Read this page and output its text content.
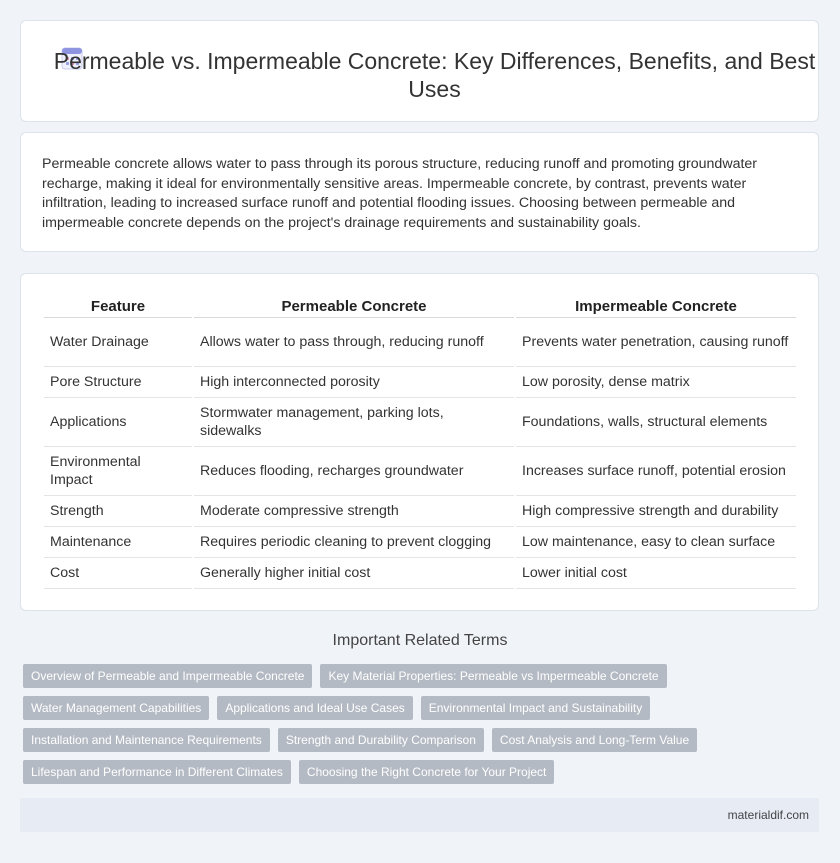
Permeable vs. Impermeable Concrete: Key Differences, Benefits, and Best Uses

Permeable concrete allows water to pass through its porous structure, reducing runoff and promoting groundwater recharge, making it ideal for environmentally sensitive areas. Impermeable concrete, by contrast, prevents water infiltration, leading to increased surface runoff and potential flooding issues. Choosing between permeable and impermeable concrete depends on the project's drainage requirements and sustainability goals.

Feature	Permeable Concrete	Impermeable Concrete
Water Drainage	Allows water to pass through, reducing runoff	Prevents water penetration, causing runoff
Pore Structure	High interconnected porosity	Low porosity, dense matrix
Applications	Stormwater management, parking lots, sidewalks	Foundations, walls, structural elements
Environmental Impact	Reduces flooding, recharges groundwater	Increases surface runoff, potential erosion
Strength	Moderate compressive strength	High compressive strength and durability
Maintenance	Requires periodic cleaning to prevent clogging	Low maintenance, easy to clean surface
Cost	Generally higher initial cost	Lower initial cost
Important Related Terms
Overview of Permeable and Impermeable Concrete	Key Material Properties: Permeable vs Impermeable Concrete
Water Management Capabilities	Applications and Ideal Use Cases	Environmental Impact and Sustainability
Installation and Maintenance Requirements	Strength and Durability Comparison	Cost Analysis and Long-Term Value
Lifespan and Performance in Different Climates	Choosing the Right Concrete for Your Project
materialdif.com
